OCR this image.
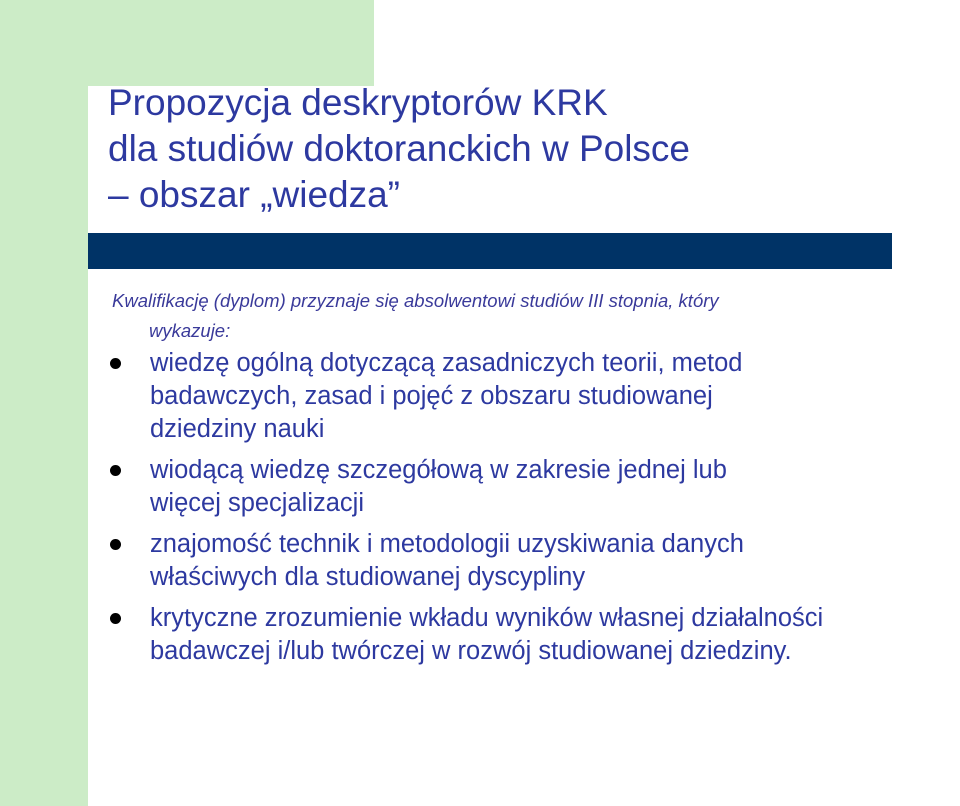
Propozycja deskryptorów KRK
dla studiów doktoranckich w Polsce
– obszar „wiedza”

Kwalifikację (dyplom) przyznaje się absolwentowi studiów III stopnia, który
wykazuje:

wiedzę ogólną dotyczącą zasadniczych teorii, metod
badawczych, zasad i pojęć z obszaru studiowanej
dziedziny nauki
wiodącą wiedzę szczegółową w zakresie jednej lub
więcej specjalizacji
znajomość technik i metodologii uzyskiwania danych
właściwych dla studiowanej dyscypliny
krytyczne zrozumienie wkładu wyników własnej działalności
badawczej i/lub twórczej w rozwój studiowanej dziedziny.
